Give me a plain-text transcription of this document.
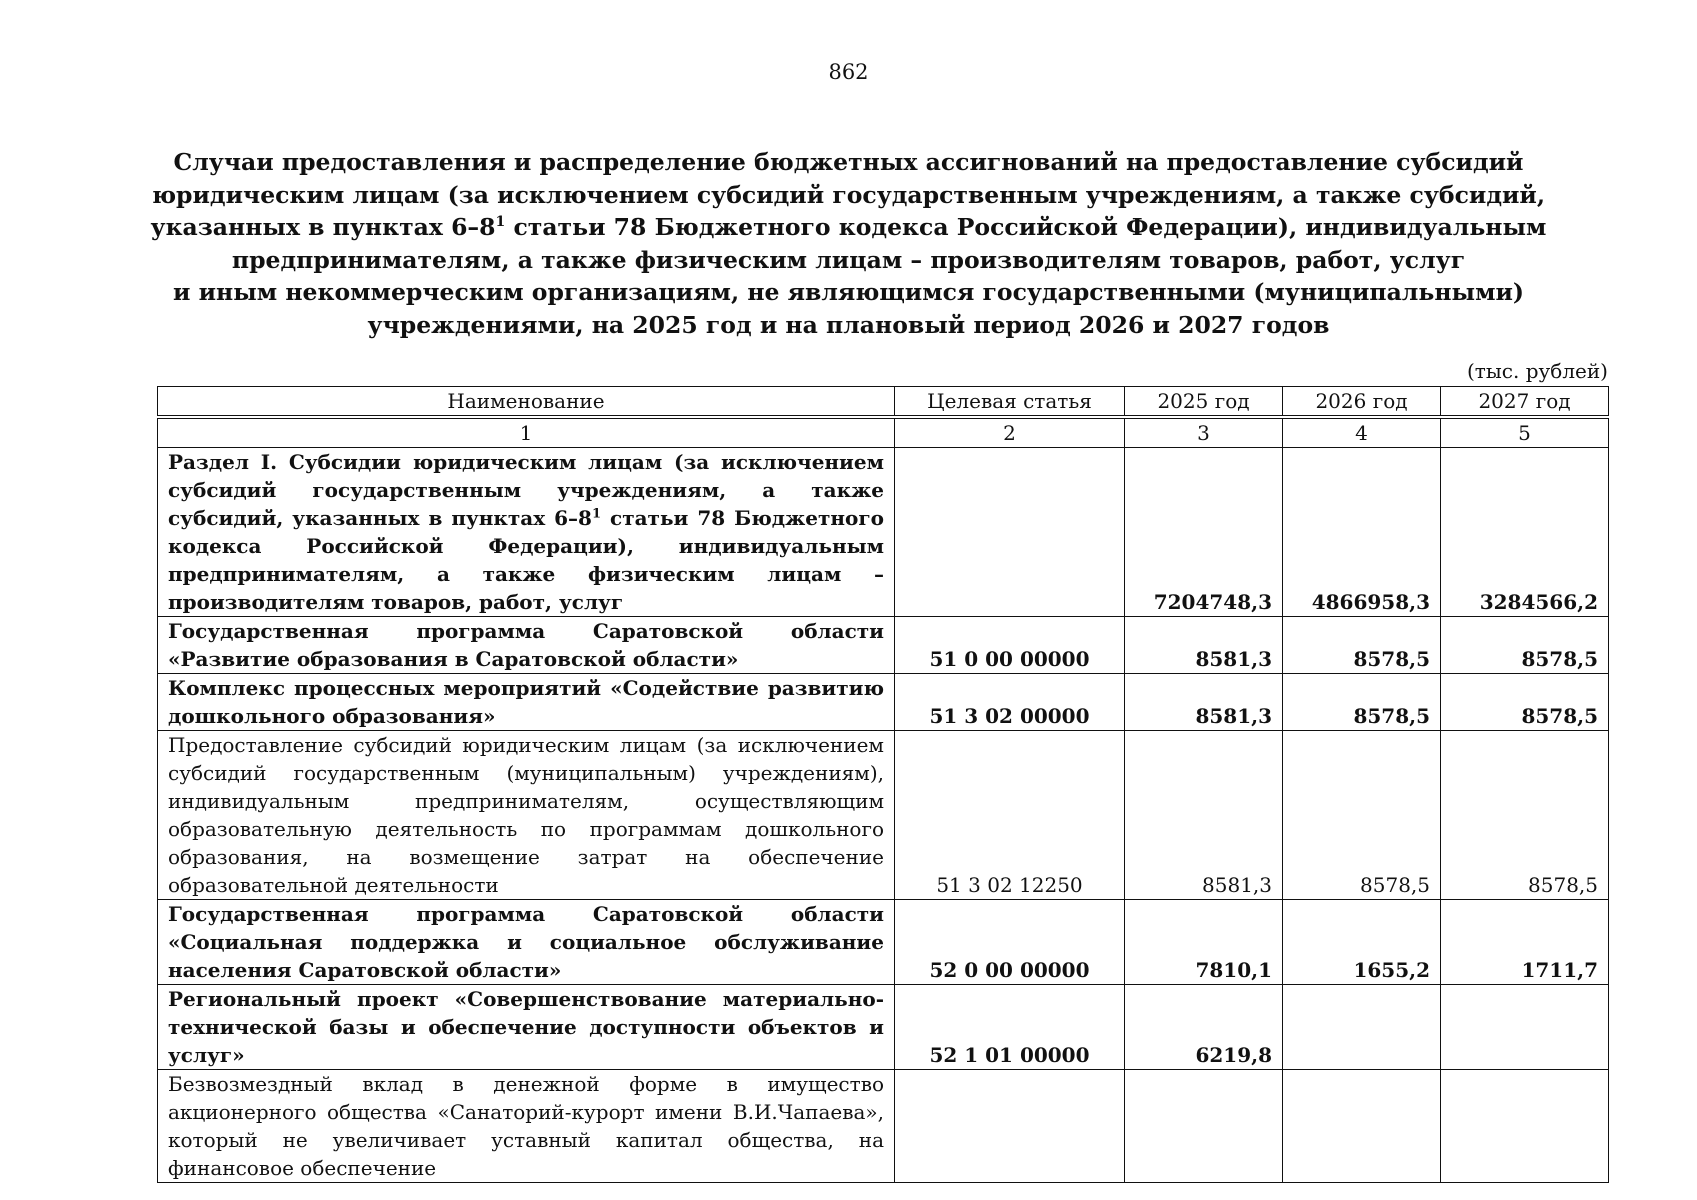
862
Случаи предоставления и распределение бюджетных ассигнований на предоставление субсидий
юридическим лицам (за исключением субсидий государственным учреждениям, а также субсидий,
указанных в пунктах $6-8^1$ статьи 78 Бюджетного кодекса Российской Федерации), индивидуальным
предпринимателям, а также физическим лицам – производителям товаров, работ, услуг
и иным некоммерческим организациям, не являющимся государственными (муниципальными)
учреждениями, на 2025 год и на плановый период 2026 и 2027 годов
(тыс. рублей)
Наименование	Целевая статья	2025 год	2026 год	2027 год
1	2	3	4	5
Раздел I. Субсидии юридическим лицам (за исключением субсидий государственным учреждениям, а также субсидий, указанных в пунктах $6-8^1$ статьи 78 Бюджетного кодекса Российской Федерации), индивидуальным предпринимателям, а также физическим лицам – производителям товаров, работ, услуг		7204748,3	4866958,3	3284566,2
Государственная программа Саратовской области «Развитие образования в Саратовской области»	51 0 00 00000	8581,3	8578,5	8578,5
Комплекс процессных мероприятий «Содействие развитию дошкольного образования»	51 3 02 00000	8581,3	8578,5	8578,5
Предоставление субсидий юридическим лицам (за исключением субсидий государственным (муниципальным) учреждениям), индивидуальным предпринимателям, осуществляющим образовательную деятельность по программам дошкольного образования, на возмещение затрат на обеспечение образовательной деятельности	51 3 02 12250	8581,3	8578,5	8578,5
Государственная программа Саратовской области «Социальная поддержка и социальное обслуживание населения Саратовской области»	52 0 00 00000	7810,1	1655,2	1711,7
Региональный проект «Совершенствование материально-технической базы и обеспечение доступности объектов и услуг»	52 1 01 00000	6219,8		
Безвозмездный вклад в денежной форме в имущество акционерного общества «Санаторий-курорт имени В.И.Чапаева», который не увеличивает уставный капитал общества, на финансовое обеспечение				
